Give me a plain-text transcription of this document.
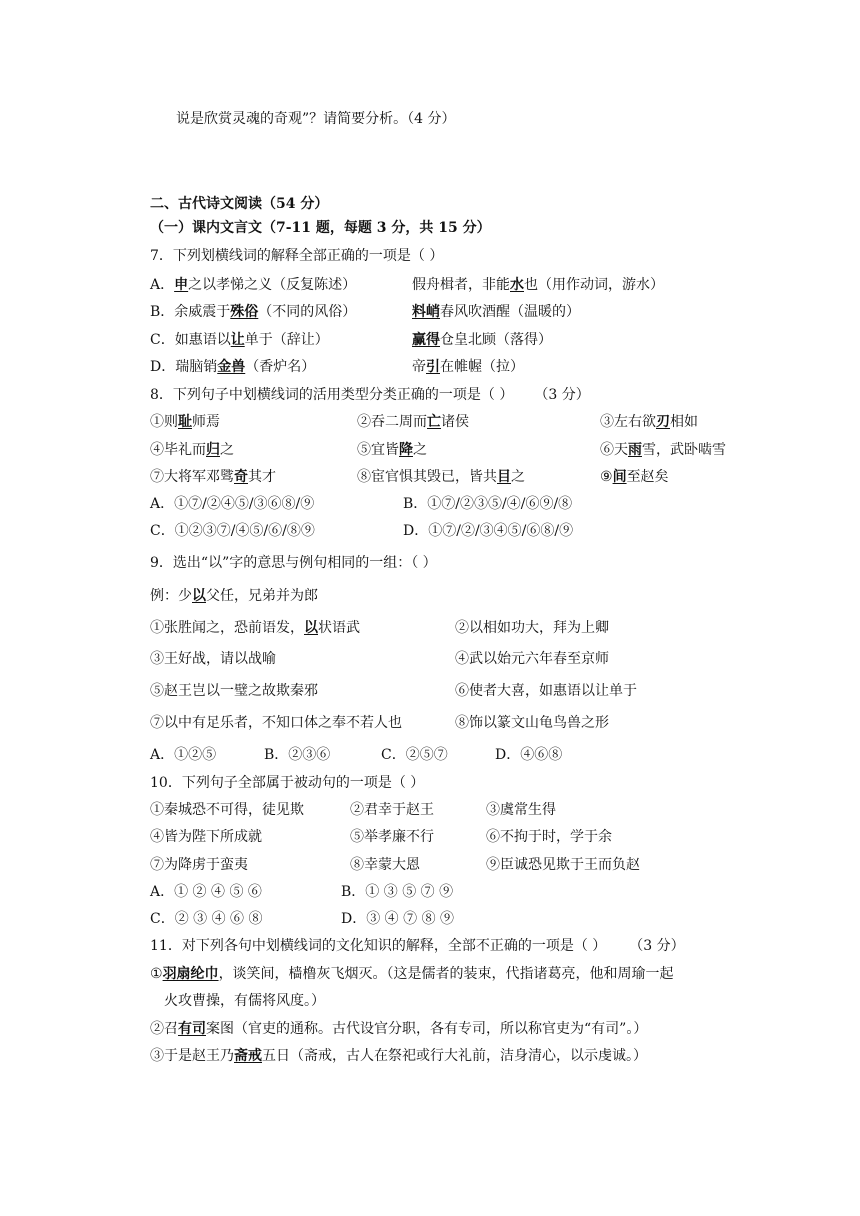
说是欣赏灵魂的奇观”？请简要分析。（4 分）
二、古代诗文阅读（54 分）
（一）课内文言文（7-11 题，每题 3 分，共 15 分）
7．下列划横线词的解释全部正确的一项是（ ）
A．申之以孝悌之义（反复陈述）	假舟楫者，非能水也（用作动词，游水）
B．余威震于殊俗（不同的风俗）	料峭春风吹酒醒（温暖的）
C．如惠语以让单于（辞让）	赢得仓皇北顾（落得）
D．瑞脑销金兽（香炉名）	帝引在帷幄（拉）
8．下列句子中划横线词的活用类型分类正确的一项是（ ） （3 分）
①则耻师焉	②吞二周而亡诸侯	③左右欲刃相如
④毕礼而归之	⑤宜皆降之	⑥天雨雪，武卧啮雪
⑦大将军邓骘奇其才	⑧宦官惧其毁已，皆共目之	⑨间至赵矣
A．①⑦/②④⑤/③⑥⑧/⑨	B．①⑦/②③⑤/④/⑥⑨/⑧
C．①②③⑦/④⑤/⑥/⑧⑨	D．①⑦/②/③④⑤/⑥⑧/⑨
9．选出“以”字的意思与例句相同的一组：（ ）
例：少以父任，兄弟并为郎
①张胜闻之，恐前语发，以状语武	②以相如功大，拜为上卿
③王好战，请以战喻	④武以始元六年春至京师
⑤赵王岂以一璧之故欺秦邪	⑥使者大喜，如惠语以让单于
⑦以中有足乐者，不知口体之奉不若人也	⑧饰以篆文山龟鸟兽之形
A．①②⑤	B．②③⑥	C．②⑤⑦	D．④⑥⑧
10．下列句子全部属于被动句的一项是（ ）
①秦城恐不可得，徒见欺	②君幸于赵王	③虞常生得
④皆为陛下所成就	⑤举孝廉不行	⑥不拘于时，学于余
⑦为降虏于蛮夷	⑧幸蒙大恩	⑨臣诚恐见欺于王而负赵
A．① ② ④ ⑤ ⑥	B．① ③ ⑤ ⑦ ⑨
C．② ③ ④ ⑥ ⑧	D．③ ④ ⑦ ⑧ ⑨
11．对下列各句中划横线词的文化知识的解释，全部不正确的一项是（ ） （3 分）
①羽扇纶巾，谈笑间，樯橹灰飞烟灭。（这是儒者的装束，代指诸葛亮，他和周瑜一起
火攻曹操，有儒将风度。）
②召有司案图（官吏的通称。古代设官分职，各有专司，所以称官吏为“有司”。）
③于是赵王乃斋戒五日（斋戒，古人在祭祀或行大礼前，洁身清心，以示虔诚。）
